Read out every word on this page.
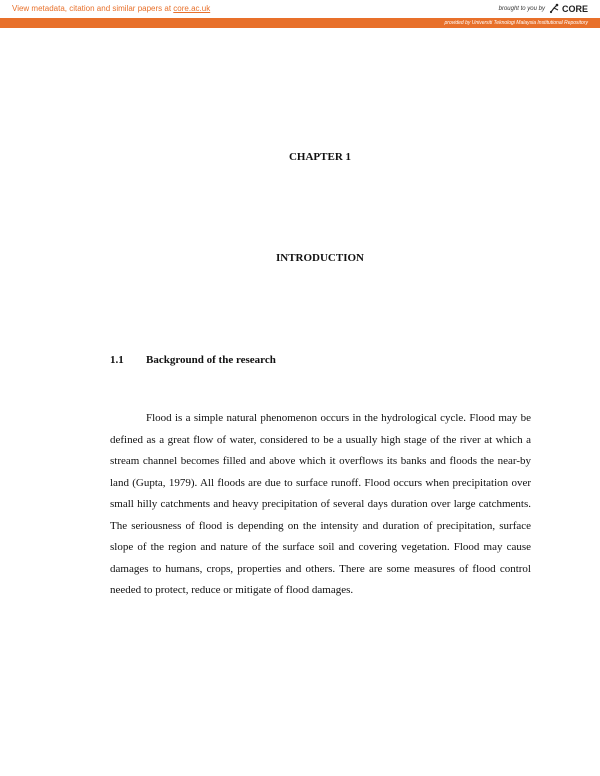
View metadata, citation and similar papers at core.ac.uk	brought to you by CORE
provided by Universiti Teknologi Malaysia Institutional Repository
CHAPTER 1
INTRODUCTION
1.1	Background of the research

Flood is a simple natural phenomenon occurs in the hydrological cycle. Flood may be defined as a great flow of water, considered to be a usually high stage of the river at which a stream channel becomes filled and above which it overflows its banks and floods the near-by land (Gupta, 1979). All floods are due to surface runoff. Flood occurs when precipitation over small hilly catchments and heavy precipitation of several days duration over large catchments. The seriousness of flood is depending on the intensity and duration of precipitation, surface slope of the region and nature of the surface soil and covering vegetation. Flood may cause damages to humans, crops, properties and others. There are some measures of flood control needed to protect, reduce or mitigate of flood damages.
